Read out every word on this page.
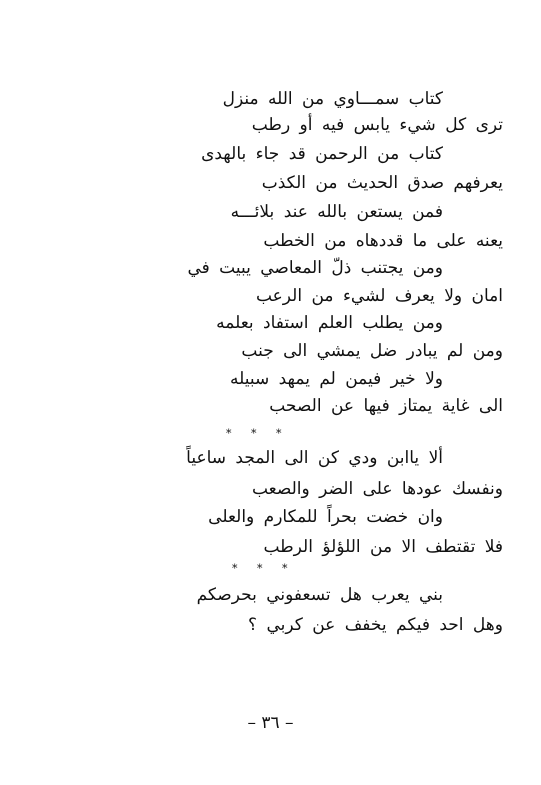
كتاب سمـــاوي من الله منزل
ترى كل شيء يابس فيه أو رطب
كتاب من الرحمن قد جاء بالهدى
يعرفهم صدق الحديث من الكذب
فمن يستعن بالله عند بلائـــه
يعنه على ما قددهاه من الخطب
ومن يجتنب ذلّ المعاصي يبيت في
امان ولا يعرف لشيء من الرعب
ومن يطلب العلم استفاد بعلمه
ومن لم يبادر ضل يمشي الى جنب
ولا خير فيمن لم يمهد سبيله
الى غاية يمتاز فيها عن الصحب
* * *
ألا ياابن ودي كن الى المجد ساعياً
ونفسك عودها على الضر والصعب
وان خضت بحراً للمكارم والعلى
فلا تقتطف الا من اللؤلؤ الرطب
* * *
بني يعرب هل تسعفوني بحرصكم
وهل احد فيكم يخفف عن كربي ؟
– ٣٦ –
